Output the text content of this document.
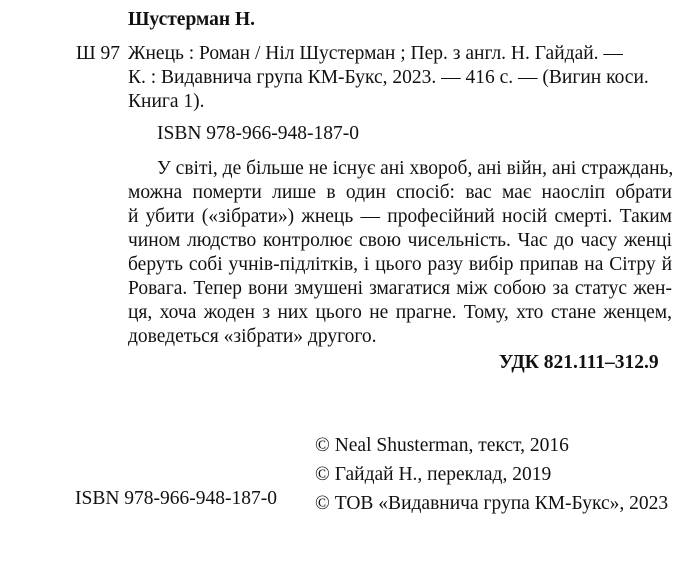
Шустерман Н.
Ш 97 Жнець : Роман / Ніл Шустерман ; Пер. з англ. Н. Гайдай. —
К. : Видавнича група КМ-Букс, 2023. — 416 с. — (Вигин коси.
Книга 1).
ISBN 978-966-948-187-0
У світі, де більше не існує ані хвороб, ані війн, ані страждань,
можна померти лише в один спосіб: вас має наосліп обрати
й убити («зібрати») жнець — професійний носій смерті. Таким
чином людство контролює свою чисельність. Час до часу женці
беруть собі учнів-підлітків, і цього разу вибір припав на Сітру й
Ровага. Тепер вони змушені змагатися між собою за статус жен-
ця, хоча жоден з них цього не прагне. Тому, хто стане женцем,
доведеться «зібрати» другого.
УДК 821.111–312.9
© Neal Shusterman, текст, 2016
© Гайдай Н., переклад, 2019
© ТОВ «Видавнича група КМ-Букс», 2023
ISBN 978-966-948-187-0
